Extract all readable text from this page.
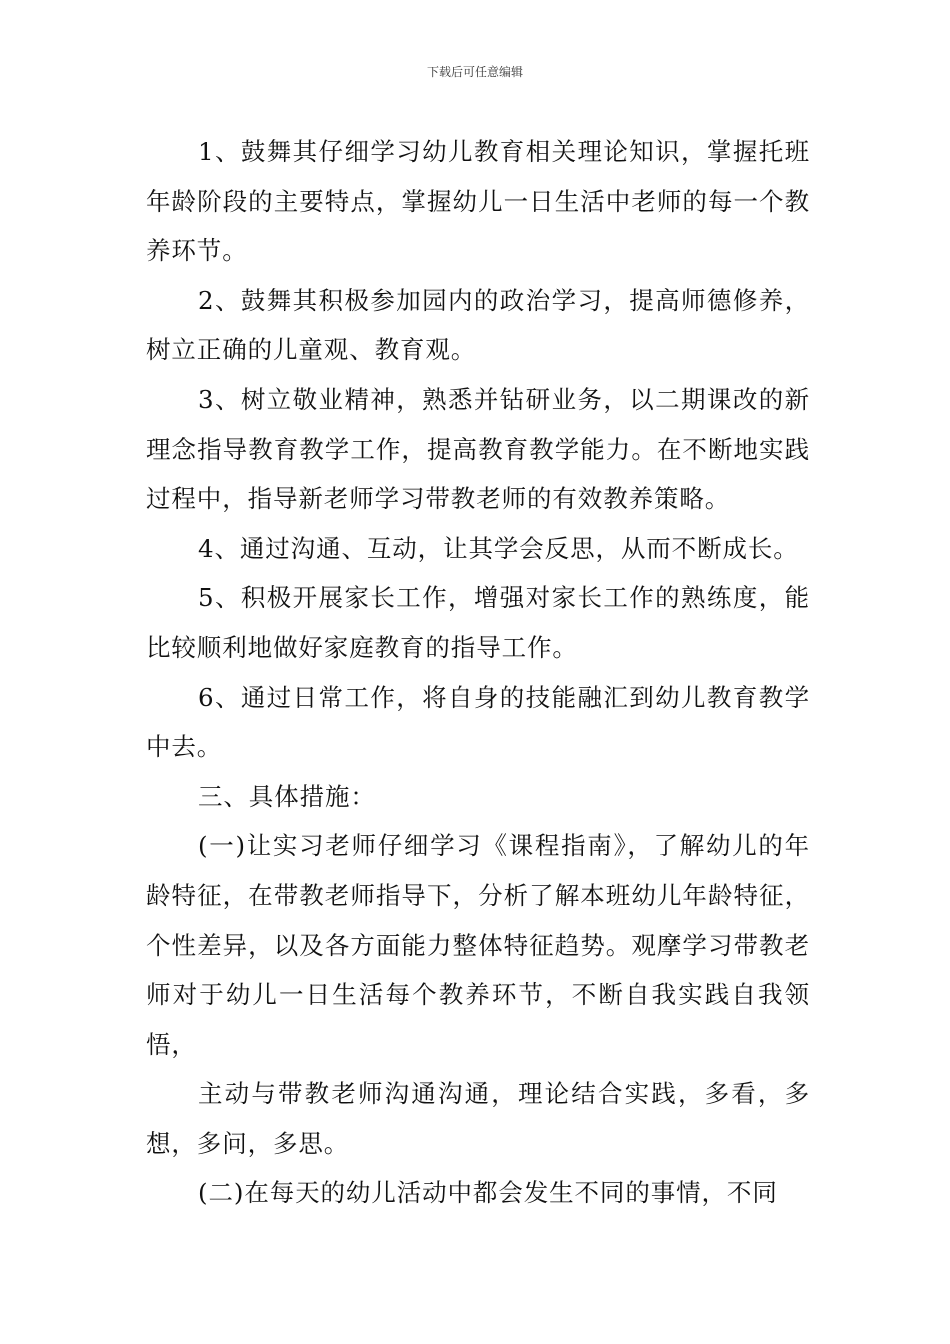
下载后可任意编辑

1、鼓舞其仔细学习幼儿教育相关理论知识，掌握托班年龄阶段的主要特点，掌握幼儿一日生活中老师的每一个教养环节。

2、鼓舞其积极参加园内的政治学习，提高师德修养，树立正确的儿童观、教育观。

3、树立敬业精神，熟悉并钻研业务，以二期课改的新理念指导教育教学工作，提高教育教学能力。在不断地实践过程中，指导新老师学习带教老师的有效教养策略。

4、通过沟通、互动，让其学会反思，从而不断成长。

5、积极开展家长工作，增强对家长工作的熟练度，能比较顺利地做好家庭教育的指导工作。

6、通过日常工作，将自身的技能融汇到幼儿教育教学中去。

三、具体措施：

(一)让实习老师仔细学习《课程指南》，了解幼儿的年龄特征，在带教老师指导下，分析了解本班幼儿年龄特征，个性差异，以及各方面能力整体特征趋势。观摩学习带教老师对于幼儿一日生活每个教养环节，不断自我实践自我领悟，

主动与带教老师沟通沟通，理论结合实践，多看，多想，多问，多思。

(二)在每天的幼儿活动中都会发生不同的事情，不同
